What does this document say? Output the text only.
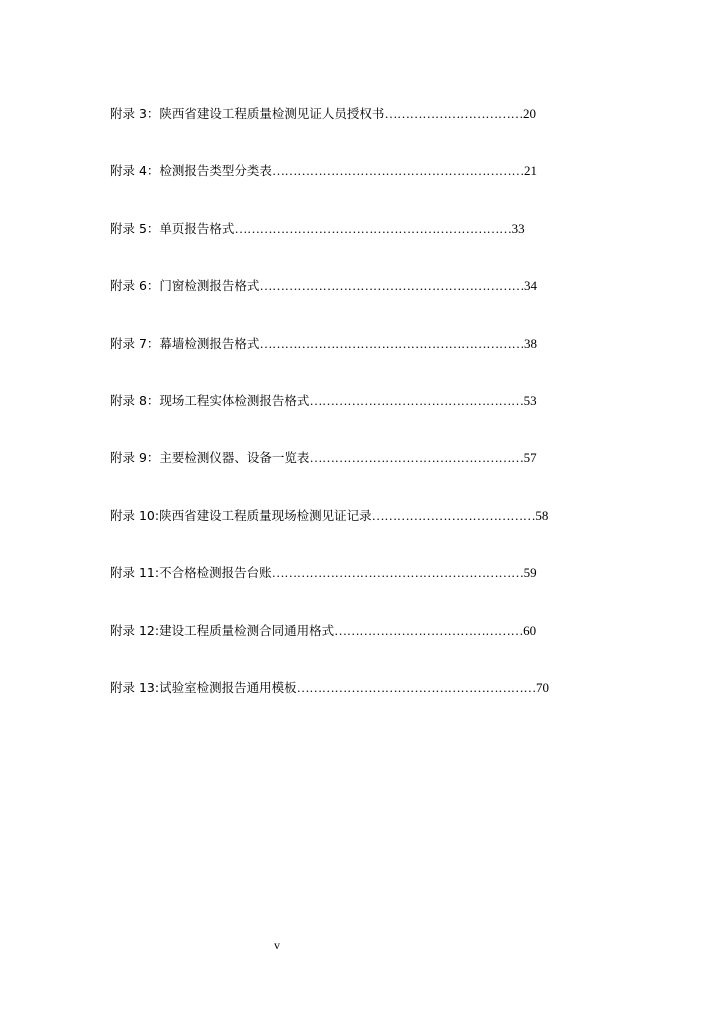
附录 3：陕西省建设工程质量检测见证人员授权书……………………………20
附录 4：检测报告类型分类表……………………………………………………21
附录 5：单页报告格式…………………………………………………………33
附录 6：门窗检测报告格式………………………………………………………34
附录 7：幕墙检测报告格式………………………………………………………38
附录 8：现场工程实体检测报告格式……………………………………………53
附录 9：主要检测仪器、设备一览表……………………………………………57
附录 10:陕西省建设工程质量现场检测见证记录…………………………………58
附录 11:不合格检测报告台账……………………………………………………59
附录 12:建设工程质量检测合同通用格式………………………………………60
附录 13:试验室检测报告通用模板…………………………………………………70
v
